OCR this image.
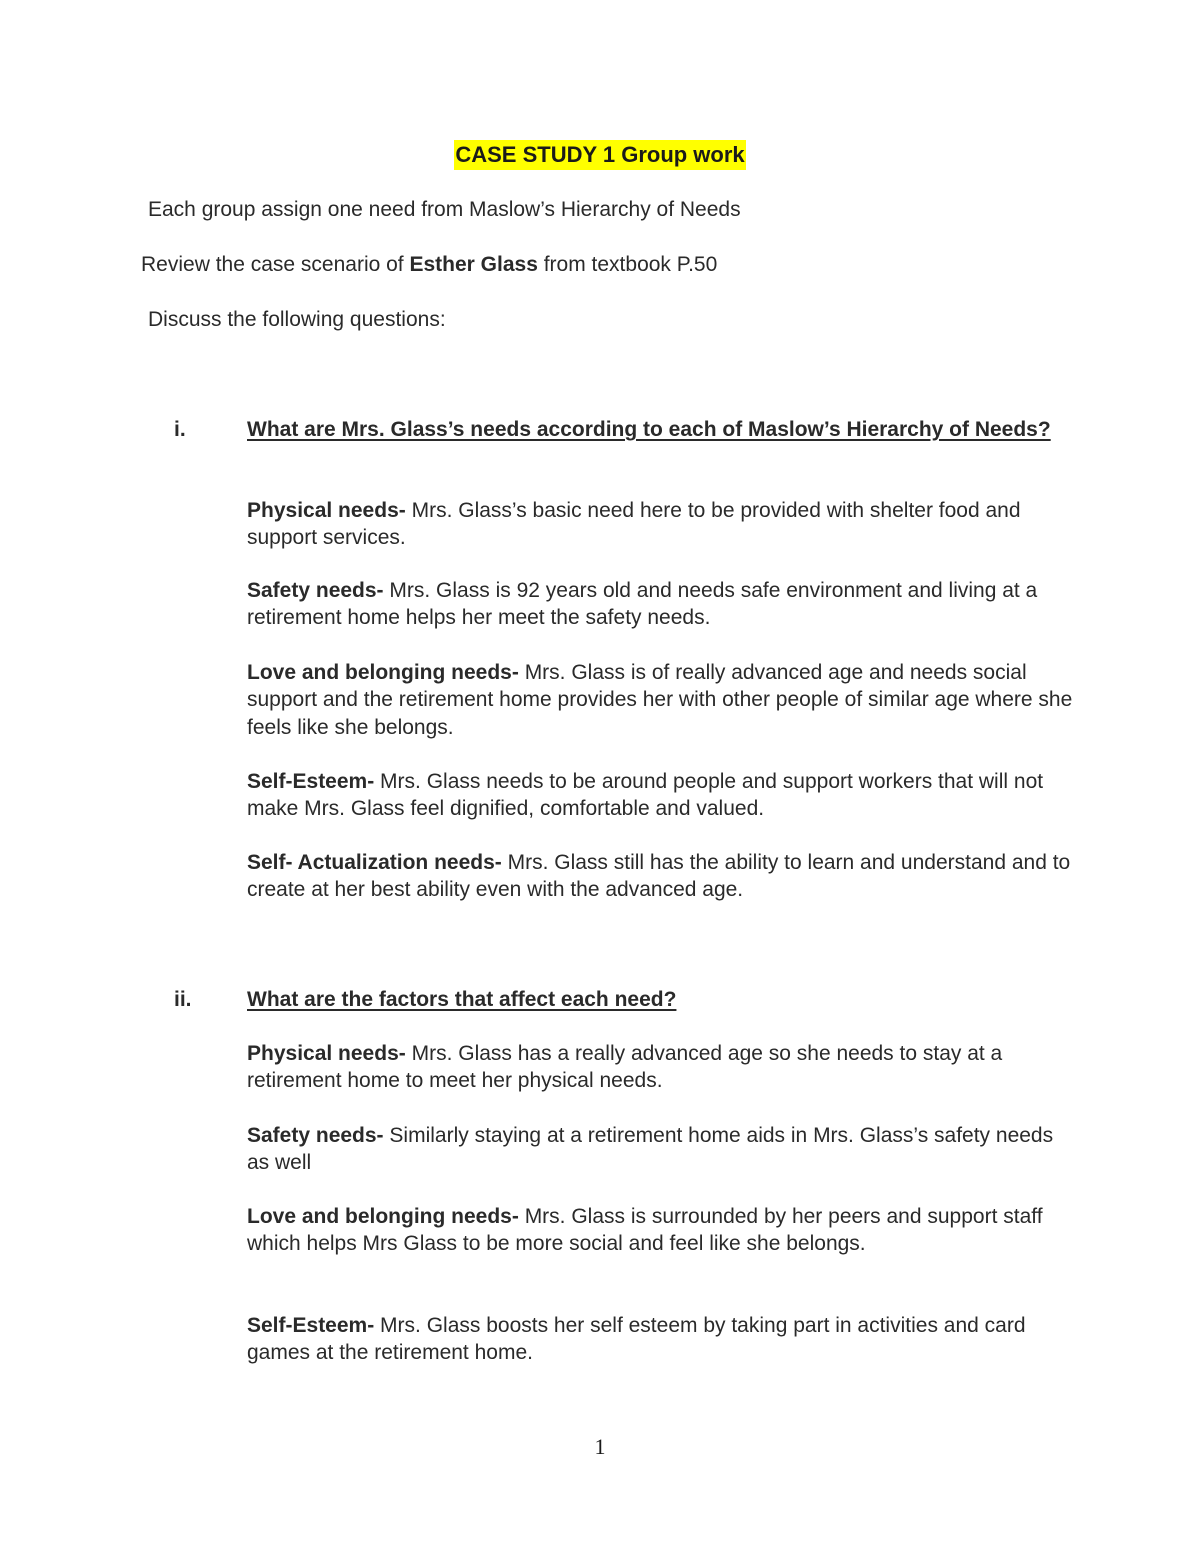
CASE STUDY 1 Group work
Each group assign one need from Maslow’s Hierarchy of Needs
Review the case scenario of Esther Glass from textbook P.50
Discuss the following questions:
i.	What are Mrs. Glass’s needs according to each of Maslow’s Hierarchy of Needs?
Physical needs- Mrs. Glass’s basic need here to be provided with shelter food and support services.
Safety needs- Mrs. Glass is 92 years old and needs safe environment and living at a retirement home helps her meet the safety needs.
Love and belonging needs- Mrs. Glass is of really advanced age and needs social support and the retirement home provides her with other people of similar age where she feels like she belongs.
Self-Esteem- Mrs. Glass needs to be around people and support workers that will not make Mrs. Glass feel dignified, comfortable and valued.
Self- Actualization needs- Mrs. Glass still has the ability to learn and understand and to create at her best ability even with the advanced age.
ii.	What are the factors that affect each need?
Physical needs- Mrs. Glass has a really advanced age so she needs to stay at a retirement home to meet her physical needs.
Safety needs- Similarly staying at a retirement home aids in Mrs. Glass’s safety needs as well
Love and belonging needs- Mrs. Glass is surrounded by her peers and support staff which helps Mrs Glass to be more social and feel like she belongs.
Self-Esteem- Mrs. Glass boosts her self esteem by taking part in activities and card games at the retirement home.
1
